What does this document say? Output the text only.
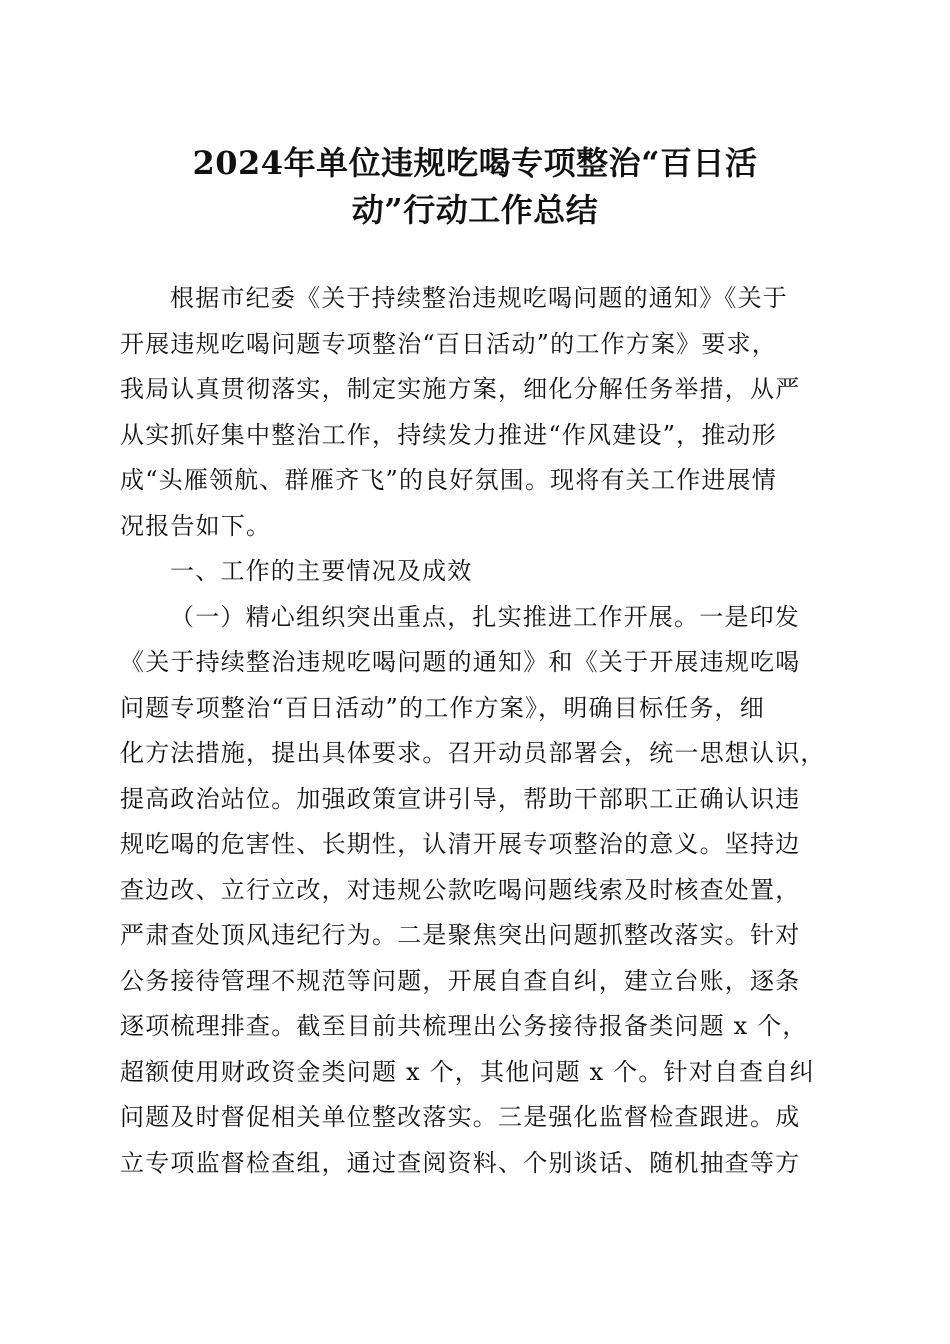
2024年单位违规吃喝专项整治“百日活
动”行动工作总结
根据市纪委《关于持续整治违规吃喝问题的通知》《关于
开展违规吃喝问题专项整治“百日活动”的工作方案》要求，
我局认真贯彻落实，制定实施方案，细化分解任务举措，从严
从实抓好集中整治工作，持续发力推进“作风建设”，推动形
成“头雁领航、群雁齐飞”的良好氛围。现将有关工作进展情
况报告如下。
一、工作的主要情况及成效
（一）精心组织突出重点，扎实推进工作开展。一是印发
《关于持续整治违规吃喝问题的通知》和《关于开展违规吃喝
问题专项整治“百日活动”的工作方案》，明确目标任务，细
化方法措施，提出具体要求。召开动员部署会，统一思想认识，
提高政治站位。加强政策宣讲引导，帮助干部职工正确认识违
规吃喝的危害性、长期性，认清开展专项整治的意义。坚持边
查边改、立行立改，对违规公款吃喝问题线索及时核查处置，
严肃查处顶风违纪行为。二是聚焦突出问题抓整改落实。针对
公务接待管理不规范等问题，开展自查自纠，建立台账，逐条
逐项梳理排查。截至目前共梳理出公务接待报备类问题 x 个，
超额使用财政资金类问题 x 个，其他问题 x 个。针对自查自纠
问题及时督促相关单位整改落实。三是强化监督检查跟进。成
立专项监督检查组，通过查阅资料、个别谈话、随机抽查等方
